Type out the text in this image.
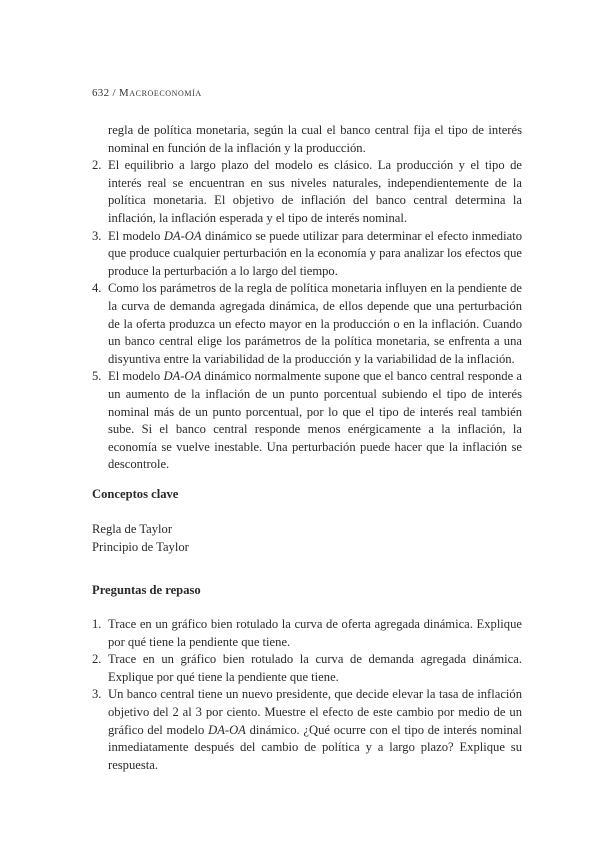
632 / Macroeconomía

regla de política monetaria, según la cual el banco central fija el tipo de interés nominal en función de la inflación y la producción.

2. El equilibrio a largo plazo del modelo es clásico. La producción y el tipo de interés real se encuentran en sus niveles naturales, independientemente de la política monetaria. El objetivo de inflación del banco central determina la inflación, la inflación esperada y el tipo de interés nominal.

3. El modelo DA-OA dinámico se puede utilizar para determinar el efecto inmediato que produce cualquier perturbación en la economía y para analizar los efectos que produce la perturbación a lo largo del tiempo.

4. Como los parámetros de la regla de política monetaria influyen en la pendiente de la curva de demanda agregada dinámica, de ellos depende que una perturbación de la oferta produzca un efecto mayor en la producción o en la inflación. Cuando un banco central elige los parámetros de la política monetaria, se enfrenta a una disyuntiva entre la variabilidad de la producción y la variabilidad de la inflación.

5. El modelo DA-OA dinámico normalmente supone que el banco central responde a un aumento de la inflación de un punto porcentual subiendo el tipo de interés nominal más de un punto porcentual, por lo que el tipo de interés real también sube. Si el banco central responde menos enérgicamente a la inflación, la economía se vuelve inestable. Una perturbación puede hacer que la inflación se descontrole.

Conceptos clave
Regla de Taylor
Principio de Taylor
Preguntas de repaso
1. Trace en un gráfico bien rotulado la curva de oferta agregada dinámica. Explique por qué tiene la pendiente que tiene.

2. Trace en un gráfico bien rotulado la curva de demanda agregada dinámica. Explique por qué tiene la pendiente que tiene.

3. Un banco central tiene un nuevo presidente, que decide elevar la tasa de inflación objetivo del 2 al 3 por ciento. Muestre el efecto de este cambio por medio de un gráfico del modelo DA-OA dinámico. ¿Qué ocurre con el tipo de interés nominal inmediatamente después del cambio de política y a largo plazo? Explique su respuesta.
